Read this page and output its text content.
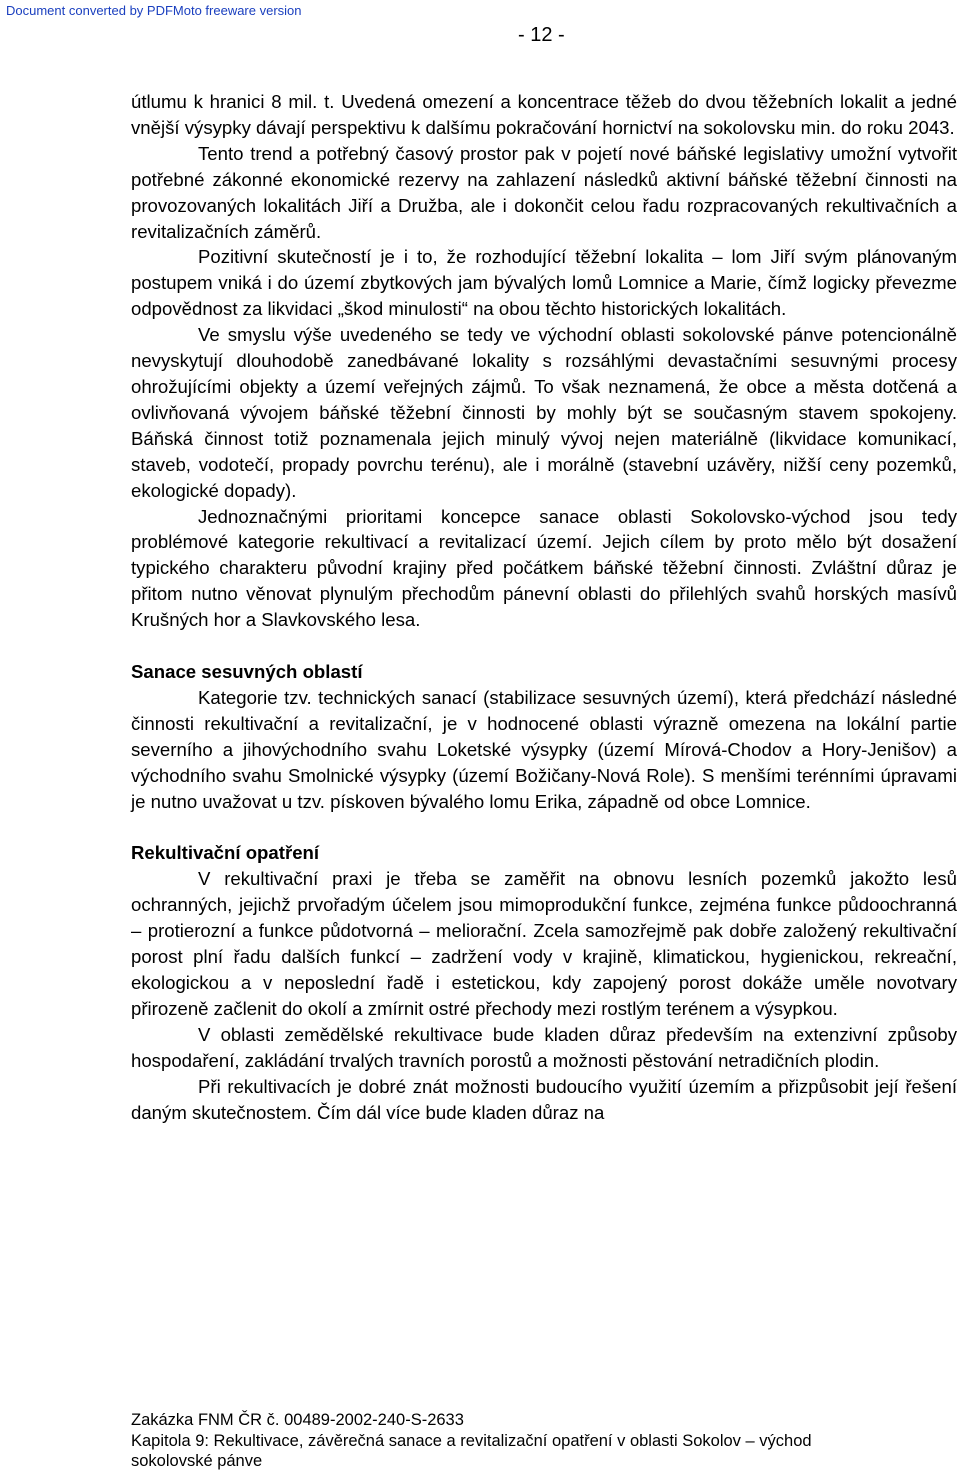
Document converted by PDFMoto freeware version
- 12 -

útlumu k hranici 8 mil. t. Uvedená omezení a koncentrace těžeb do dvou těžebních lokalit a jedné vnější výsypky dávají perspektivu k dalšímu pokračování hornictví na sokolovsku min. do roku 2043.

Tento trend a potřebný časový prostor pak v pojetí nové báňské legislativy umožní vytvořit potřebné zákonné ekonomické rezervy na zahlazení následků aktivní báňské těžební činnosti na provozovaných lokalitách Jiří a Družba, ale i dokončit celou řadu rozpracovaných rekultivačních a revitalizačních záměrů.

Pozitivní skutečností je i to, že rozhodující těžební lokalita – lom Jiří svým plánovaným postupem vniká i do území zbytkových jam bývalých lomů Lomnice a Marie, čímž logicky převezme odpovědnost za likvidaci „škod minulosti“ na obou těchto historických lokalitách.

Ve smyslu výše uvedeného se tedy ve východní oblasti sokolovské pánve potencionálně nevyskytují dlouhodobě zanedbávané lokality s rozsáhlými devastačními sesuvnými procesy ohrožujícími objekty a území veřejných zájmů. To však neznamená, že obce a města dotčená a ovlivňovaná vývojem báňské těžební činnosti by mohly být se současným stavem spokojeny. Báňská činnost totiž poznamenala jejich minulý vývoj nejen materiálně (likvidace komunikací, staveb, vodotečí, propady povrchu terénu), ale i morálně (stavební uzávěry, nižší ceny pozemků, ekologické dopady).

Jednoznačnými prioritami koncepce sanace oblasti Sokolovsko-východ jsou tedy problémové kategorie rekultivací a revitalizací území. Jejich cílem by proto mělo být dosažení typického charakteru původní krajiny před počátkem báňské těžební činnosti. Zvláštní důraz je přitom nutno věnovat plynulým přechodům pánevní oblasti do přilehlých svahů horských masívů Krušných hor a Slavkovského lesa.

Sanace sesuvných oblastí

Kategorie tzv. technických sanací (stabilizace sesuvných území), která předchází následné činnosti rekultivační a revitalizační, je v hodnocené oblasti výrazně omezena na lokální partie severního a jihovýchodního svahu Loketské výsypky (území Mírová-Chodov a Hory-Jenišov) a východního svahu Smolnické výsypky (území Božičany-Nová Role). S menšími terénními úpravami je nutno uvažovat u tzv. pískoven bývalého lomu Erika, západně od obce Lomnice.

Rekultivační opatření

V rekultivační praxi je třeba se zaměřit na obnovu lesních pozemků jakožto lesů ochranných, jejichž prvořadým účelem jsou mimoprodukční funkce, zejména funkce půdoochranná – protierozní a funkce půdotvorná – meliorační. Zcela samozřejmě pak dobře založený rekultivační porost plní řadu dalších funkcí – zadržení vody v krajině, klimatickou, hygienickou, rekreační, ekologickou a v neposlední řadě i estetickou, kdy zapojený porost dokáže uměle novotvary přirozeně začlenit do okolí a zmírnit ostré přechody mezi rostlým terénem a výsypkou.

V oblasti zemědělské rekultivace bude kladen důraz především na extenzivní způsoby hospodaření, zakládání trvalých travních porostů a možnosti pěstování netradičních plodin.

Při rekultivacích je dobré znát možnosti budoucího využití územím a přizpůsobit její řešení daným skutečnostem. Čím dál více bude kladen důraz na

Zakázka FNM ČR č. 00489-2002-240-S-2633
Kapitola 9: Rekultivace, závěrečná sanace a revitalizační opatření v oblasti Sokolov – východ
sokolovské pánve
